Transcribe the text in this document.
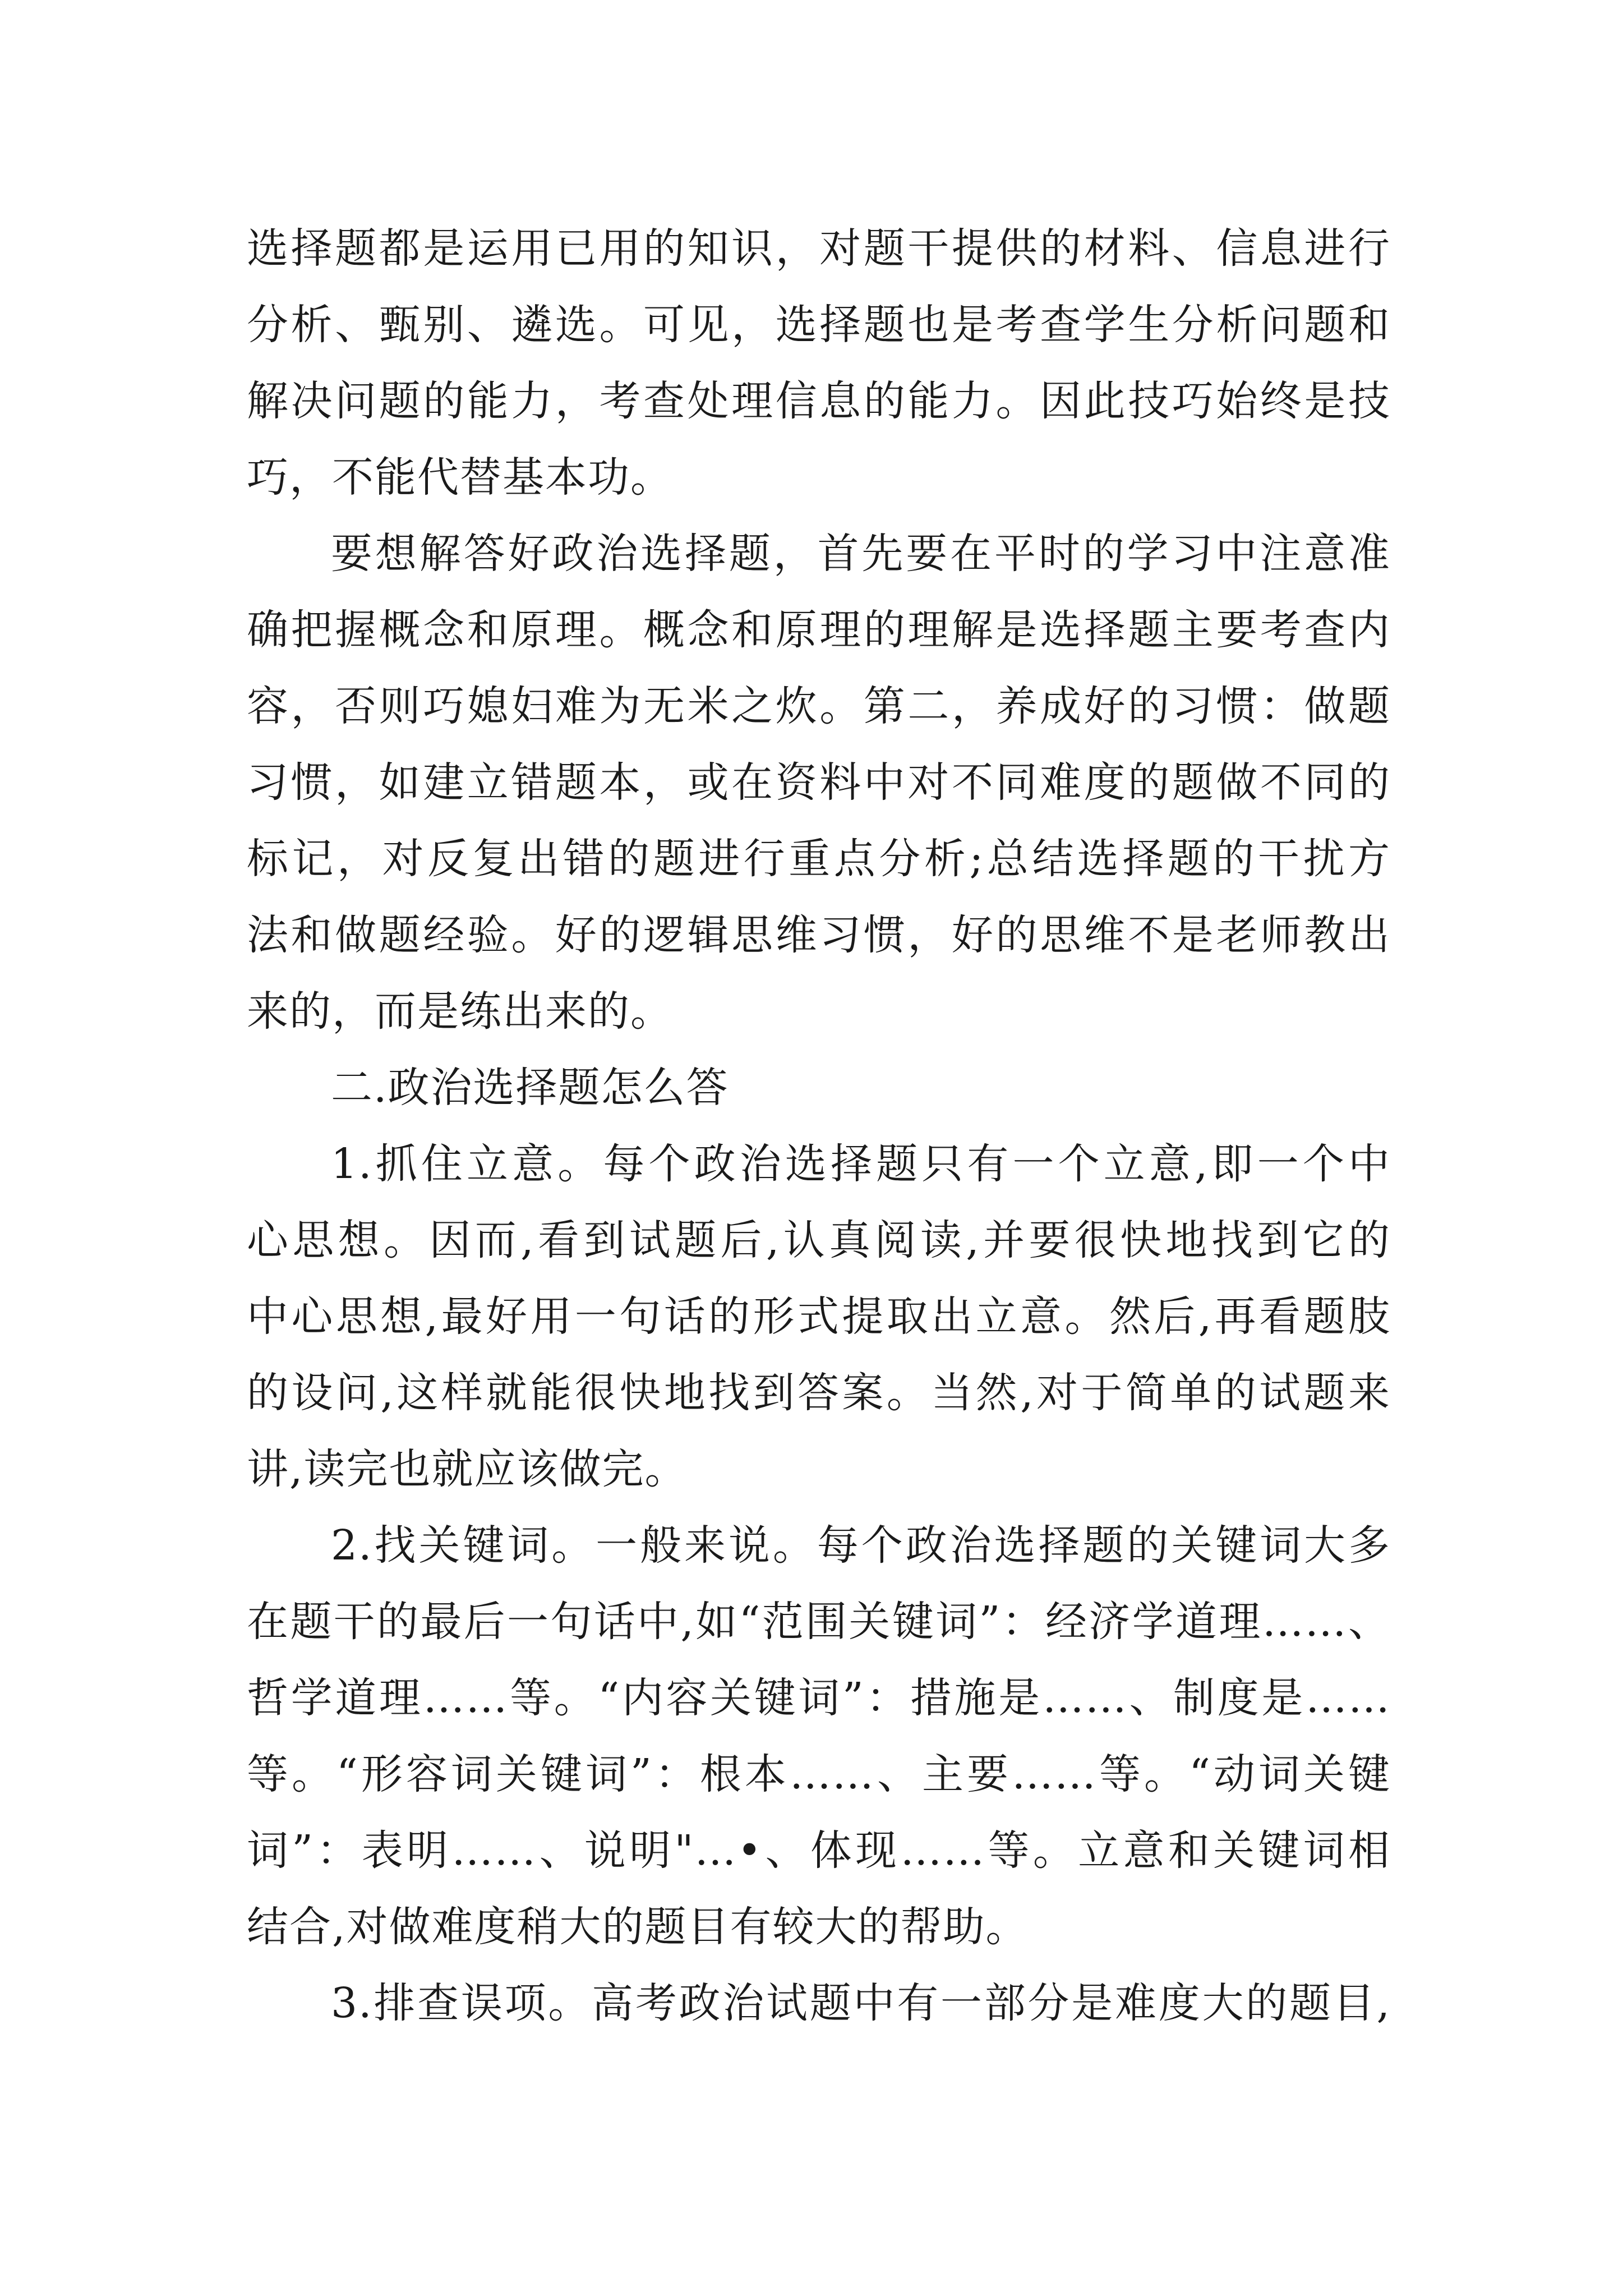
选择题都是运用已用的知识，对题干提供的材料、信息进行
分析、甄别、遴选。可见，选择题也是考查学生分析问题和
解决问题的能力，考查处理信息的能力。因此技巧始终是技
巧，不能代替基本功。
要想解答好政治选择题，首先要在平时的学习中注意准
确把握概念和原理。概念和原理的理解是选择题主要考查内
容，否则巧媳妇难为无米之炊。第二，养成好的习惯：做题
习惯，如建立错题本，或在资料中对不同难度的题做不同的
标记，对反复出错的题进行重点分析;总结选择题的干扰方
法和做题经验。好的逻辑思维习惯，好的思维不是老师教出
来的，而是练出来的。
二.政治选择题怎么答
1.抓住立意。每个政治选择题只有一个立意,即一个中
心思想。因而,看到试题后,认真阅读,并要很快地找到它的
中心思想,最好用一句话的形式提取出立意。然后,再看题肢
的设问,这样就能很快地找到答案。当然,对于简单的试题来
讲,读完也就应该做完。
2.找关键词。一般来说。每个政治选择题的关键词大多
在题干的最后一句话中,如“范围关键词”：经济学道理……、
哲学道理……等。“内容关键词”：措施是……、制度是……
等。“形容词关键词”：根本……、主要……等。“动词关键
词”：表明……、说明"…•、体现……等。立意和关键词相
结合,对做难度稍大的题目有较大的帮助。
3.排查误项。高考政治试题中有一部分是难度大的题目,
